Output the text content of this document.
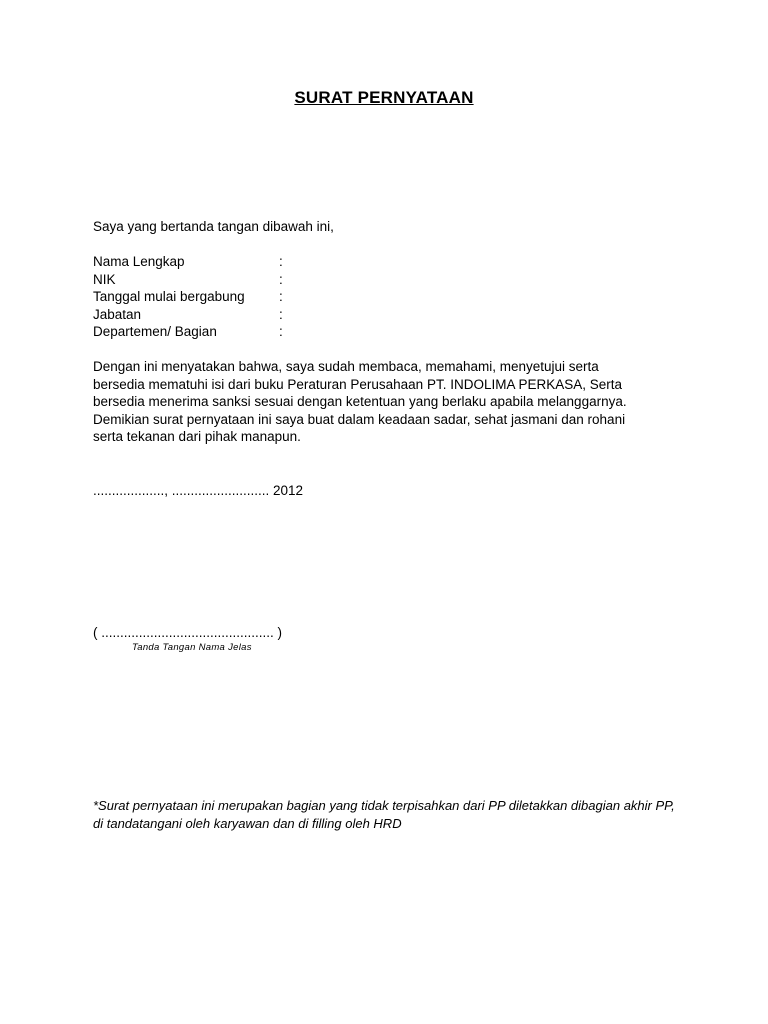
SURAT PERNYATAAN
Saya yang bertanda tangan dibawah ini,
Nama Lengkap	:
NIK	:
Tanggal mulai bergabung	:
Jabatan	:
Departemen/ Bagian	:
Dengan ini menyatakan bahwa, saya sudah membaca, memahami, menyetujui serta
bersedia mematuhi isi dari buku Peraturan Perusahaan PT. INDOLIMA PERKASA, Serta
bersedia menerima sanksi sesuai dengan ketentuan yang berlaku apabila melanggarnya.
Demikian surat pernyataan ini saya buat dalam keadaan sadar, sehat jasmani dan rohani
serta tekanan dari pihak manapun.
..................., .......................... 2012
( .............................................. )
Tanda Tangan Nama Jelas
*Surat pernyataan ini merupakan bagian yang tidak terpisahkan dari PP diletakkan dibagian akhir PP,
di tandatangani oleh karyawan dan di filling oleh HRD
